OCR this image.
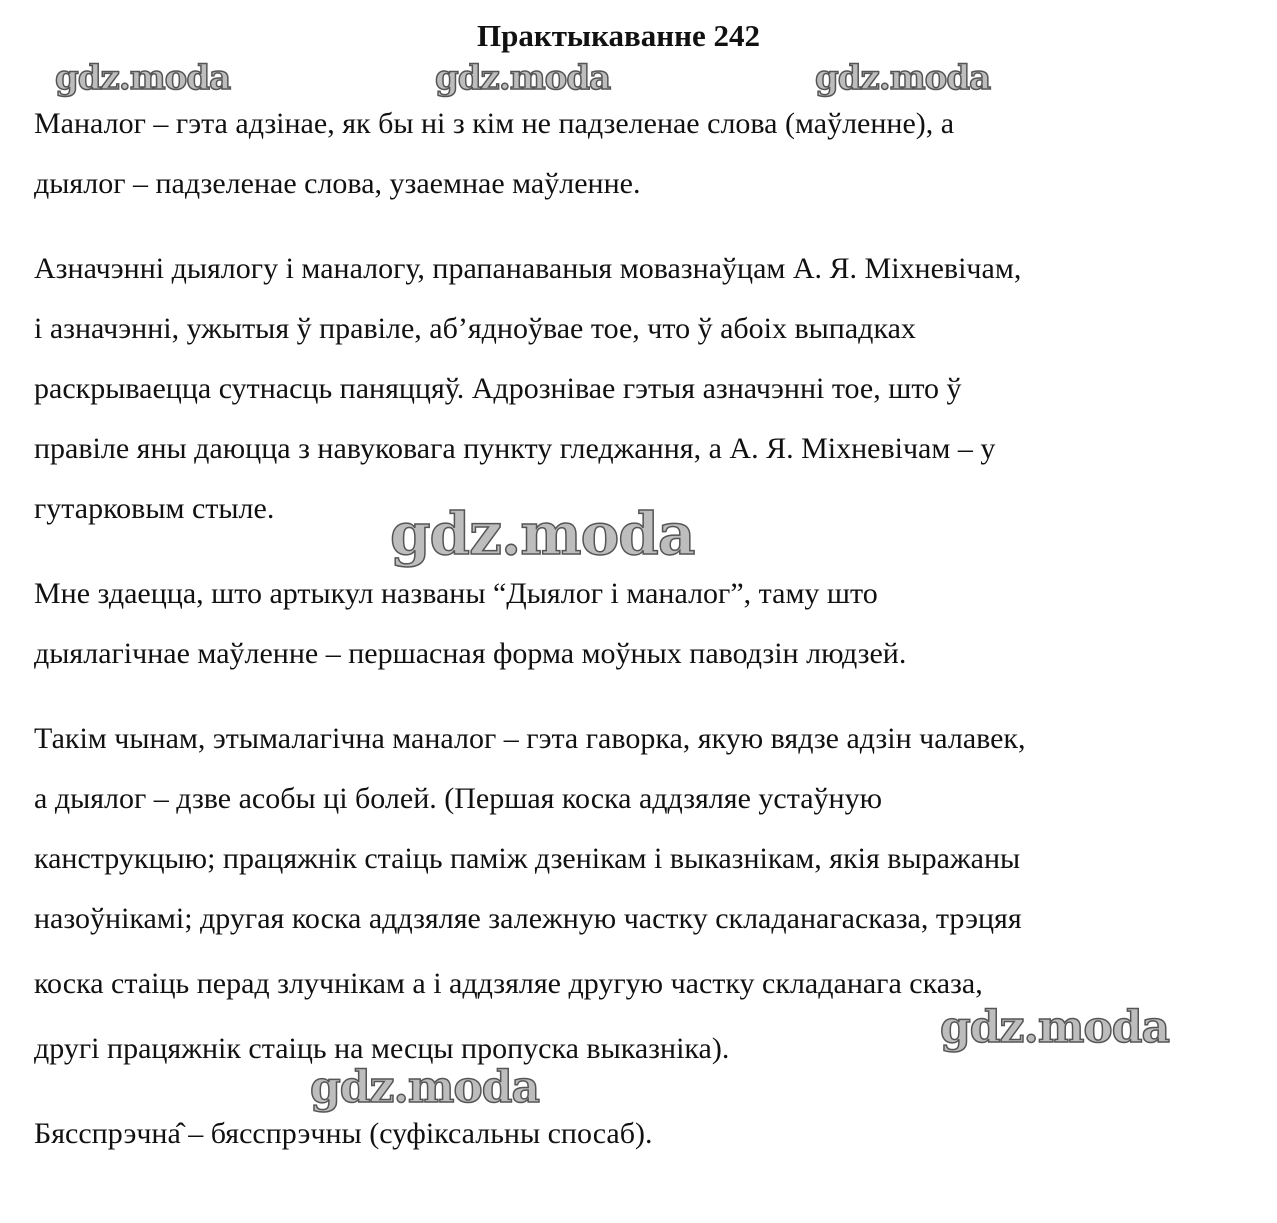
Практыкаванне 242
gdz.moda	gdz.moda	gdz.moda
Маналог – гэта адзінае, як бы ні з кім не падзеленае слова (маўленне), а
дыялог – падзеленае слова, узаемнае маўленне.
Азначэнні дыялогу і маналогу, прапанаваныя мовазнаўцам А. Я. Міхневічам,
і азначэнні, ужытыя ў правіле, аб’ядноўвае тое, что ў абоіх выпадках
раскрываецца сутнасць паняццяў. Адрознівае гэтыя азначэнні тое, што ў
правіле яны даюцца з навуковага пункту гледжання, а А. Я. Міхневічам – у
гутарковым стыле.
Мне здаецца, што артыкул названы “Дыялог і маналог”, таму што
дыялагічнае маўленне – першасная форма моўных паводзін людзей.
Такім чынам, этымалагічна маналог – гэта гаворка, якую вядзе адзін чалавек,
а дыялог – дзве асобы ці болей. (Першая коска аддзяляе устаўную
канструкцыю; працяжнік стаіць паміж дзенікам і выказнікам, якія выражаны
назоўнікамі; другая коска аддзяляе залежную частку складанагасказа, трэцяя
коска стаіць перад злучнікам а і аддзяляе другую частку складанага сказа,
другі працяжнік стаіць на месцы пропуска выказніка).
Бясспрэчна̂ – бясспрэчны (суфіксальны спосаб).
gdz.moda
gdz.moda
gdz.moda
